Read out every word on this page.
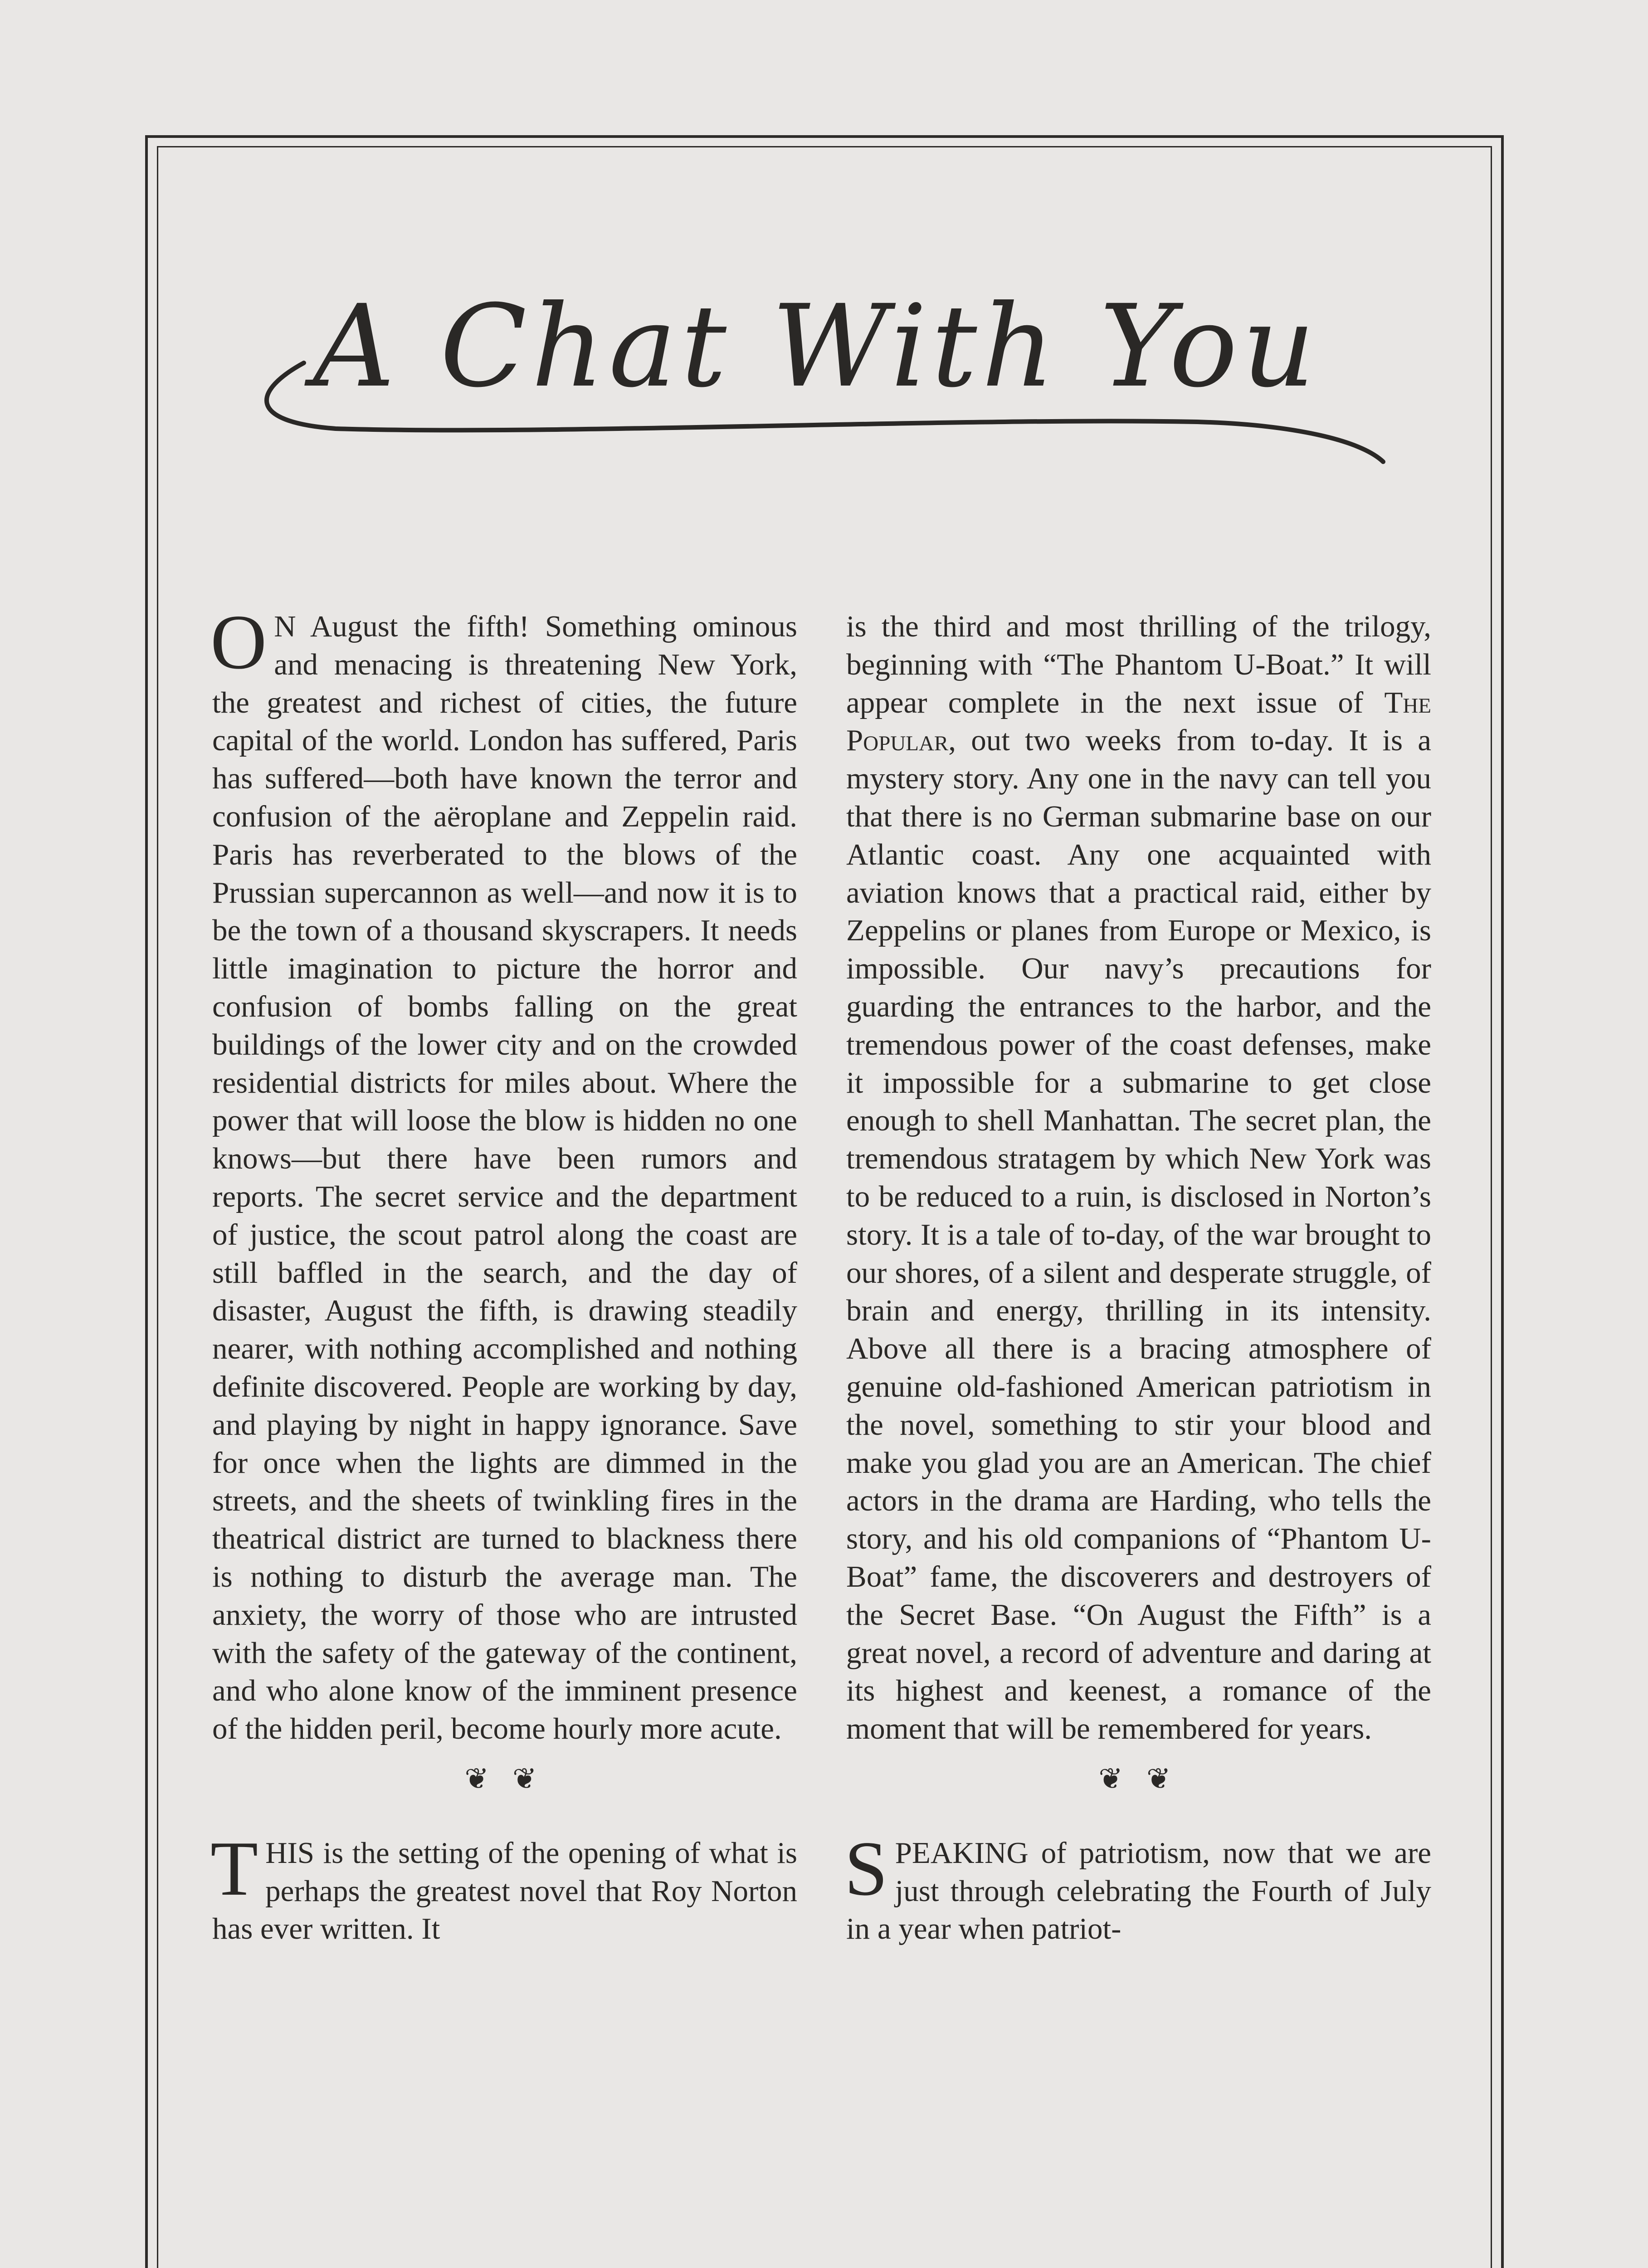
A Chat With You

O N August the fifth! Something ominous and menacing is threatening New York, the greatest and richest of cities, the future capital of the world. London has suffered, Paris has suffered—both have known the terror and confusion of the aëroplane and Zeppelin raid. Paris has reverberated to the blows of the Prussian supercannon as well—and now it is to be the town of a thousand skyscrapers. It needs little imagination to picture the horror and confusion of bombs falling on the great buildings of the lower city and on the crowded residential districts for miles about. Where the power that will loose the blow is hidden no one knows—but there have been rumors and reports. The secret service and the department of justice, the scout patrol along the coast are still baffled in the search, and the day of disaster, August the fifth, is drawing steadily nearer, with nothing accomplished and nothing definite discovered. People are working by day, and playing by night in happy ignorance. Save for once when the lights are dimmed in the streets, and the sheets of twinkling fires in the theatrical district are turned to blackness there is nothing to disturb the average man. The anxiety, the worry of those who are intrusted with the safety of the gateway of the continent, and who alone know of the imminent presence of the hidden peril, become hourly more acute.

❦ ❦

THIS is the setting of the opening of what is perhaps the greatest novel that Roy Norton has ever written. It

is the third and most thrilling of the trilogy, beginning with “The Phantom U-Boat.” It will appear complete in the next issue of The Popular, out two weeks from to-day. It is a mystery story. Any one in the navy can tell you that there is no German submarine base on our Atlantic coast. Any one acquainted with aviation knows that a practical raid, either by Zeppelins or planes from Europe or Mexico, is impossible. Our navy’s precautions for guarding the entrances to the harbor, and the tremendous power of the coast defenses, make it impossible for a submarine to get close enough to shell Manhattan. The secret plan, the tremendous stratagem by which New York was to be reduced to a ruin, is disclosed in Norton’s story. It is a tale of to-day, of the war brought to our shores, of a silent and desperate struggle, of brain and energy, thrilling in its intensity. Above all there is a bracing atmosphere of genuine old-fashioned American patriotism in the novel, something to stir your blood and make you glad you are an American. The chief actors in the drama are Harding, who tells the story, and his old companions of “Phantom U-Boat” fame, the discoverers and destroyers of the Secret Base. “On August the Fifth” is a great novel, a record of adventure and daring at its highest and keenest, a romance of the moment that will be remembered for years.

❦ ❦

SPEAKING of patriotism, now that we are just through celebrating the Fourth of July in a year when patriot-
